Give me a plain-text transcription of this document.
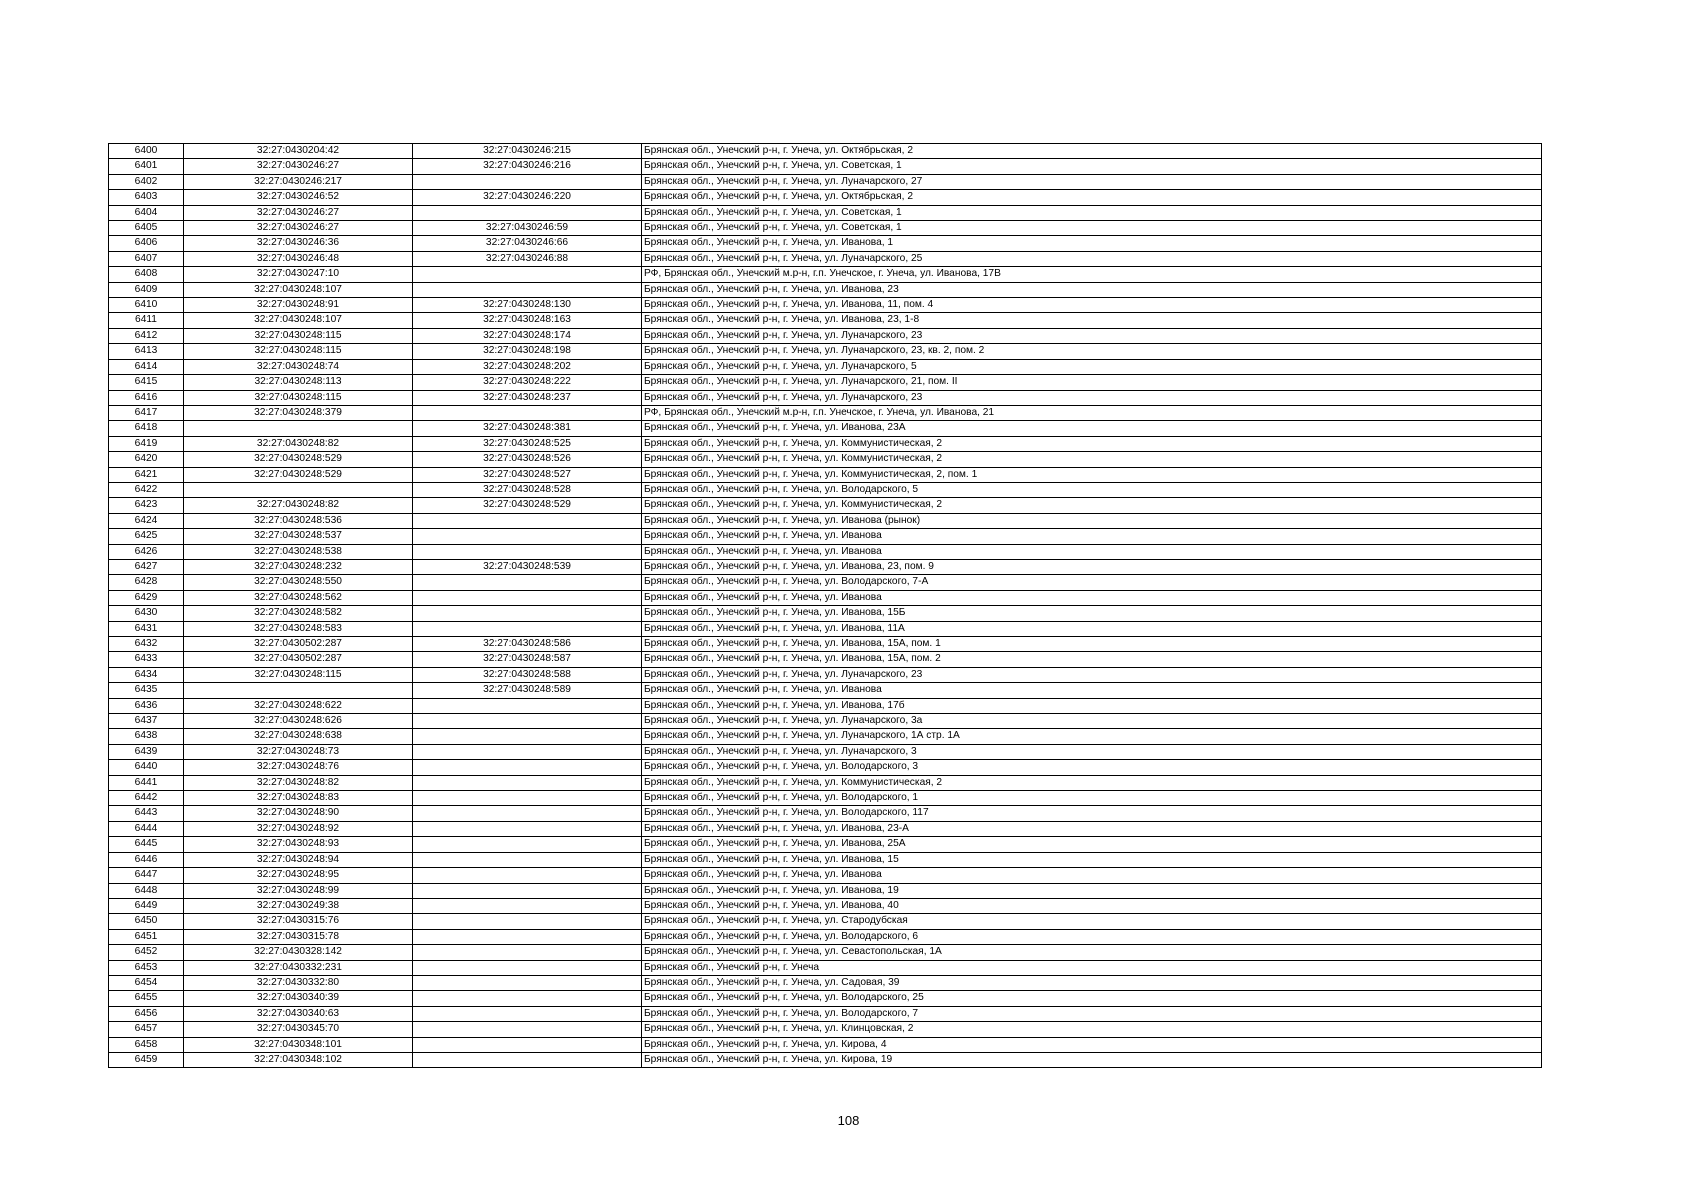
6400	32:27:0430204:42	32:27:0430246:215	Брянская обл., Унечский р-н, г. Унеча, ул. Октябрьская, 2
6401	32:27:0430246:27	32:27:0430246:216	Брянская обл., Унечский р-н, г. Унеча, ул. Советская, 1
6402	32:27:0430246:217		Брянская обл., Унечский р-н, г. Унеча, ул. Луначарского, 27
6403	32:27:0430246:52	32:27:0430246:220	Брянская обл., Унечский р-н, г. Унеча, ул. Октябрьская, 2
6404	32:27:0430246:27		Брянская обл., Унечский р-н, г. Унеча, ул. Советская, 1
6405	32:27:0430246:27	32:27:0430246:59	Брянская обл., Унечский р-н, г. Унеча, ул. Советская, 1
6406	32:27:0430246:36	32:27:0430246:66	Брянская обл., Унечский р-н, г. Унеча, ул. Иванова, 1
6407	32:27:0430246:48	32:27:0430246:88	Брянская обл., Унечский р-н, г. Унеча, ул. Луначарского, 25
6408	32:27:0430247:10		РФ, Брянская обл., Унечский м.р-н, г.п. Унечское, г. Унеча, ул. Иванова, 17В
6409	32:27:0430248:107		Брянская обл., Унечский р-н, г. Унеча, ул. Иванова, 23
6410	32:27:0430248:91	32:27:0430248:130	Брянская обл., Унечский р-н, г. Унеча, ул. Иванова, 11, пом. 4
6411	32:27:0430248:107	32:27:0430248:163	Брянская обл., Унечский р-н, г. Унеча, ул. Иванова, 23, 1-8
6412	32:27:0430248:115	32:27:0430248:174	Брянская обл., Унечский р-н, г. Унеча, ул. Луначарского, 23
6413	32:27:0430248:115	32:27:0430248:198	Брянская обл., Унечский р-н, г. Унеча, ул. Луначарского, 23, кв. 2, пом. 2
6414	32:27:0430248:74	32:27:0430248:202	Брянская обл., Унечский р-н, г. Унеча, ул. Луначарского, 5
6415	32:27:0430248:113	32:27:0430248:222	Брянская обл., Унечский р-н, г. Унеча, ул. Луначарского, 21, пом. II
6416	32:27:0430248:115	32:27:0430248:237	Брянская обл., Унечский р-н, г. Унеча, ул. Луначарского, 23
6417	32:27:0430248:379		РФ, Брянская обл., Унечский м.р-н, г.п. Унечское, г. Унеча, ул. Иванова, 21
6418		32:27:0430248:381	Брянская обл., Унечский р-н, г. Унеча, ул. Иванова, 23А
6419	32:27:0430248:82	32:27:0430248:525	Брянская обл., Унечский р-н, г. Унеча, ул. Коммунистическая, 2
6420	32:27:0430248:529	32:27:0430248:526	Брянская обл., Унечский р-н, г. Унеча, ул. Коммунистическая, 2
6421	32:27:0430248:529	32:27:0430248:527	Брянская обл., Унечский р-н, г. Унеча, ул. Коммунистическая, 2, пом. 1
6422		32:27:0430248:528	Брянская обл., Унечский р-н, г. Унеча, ул. Володарского, 5
6423	32:27:0430248:82	32:27:0430248:529	Брянская обл., Унечский р-н, г. Унеча, ул. Коммунистическая, 2
6424	32:27:0430248:536		Брянская обл., Унечский р-н, г. Унеча, ул. Иванова (рынок)
6425	32:27:0430248:537		Брянская обл., Унечский р-н, г. Унеча, ул. Иванова
6426	32:27:0430248:538		Брянская обл., Унечский р-н, г. Унеча, ул. Иванова
6427	32:27:0430248:232	32:27:0430248:539	Брянская обл., Унечский р-н, г. Унеча, ул. Иванова, 23, пом. 9
6428	32:27:0430248:550		Брянская обл., Унечский р-н, г. Унеча, ул. Володарского, 7-А
6429	32:27:0430248:562		Брянская обл., Унечский р-н, г. Унеча, ул. Иванова
6430	32:27:0430248:582		Брянская обл., Унечский р-н, г. Унеча, ул. Иванова, 15Б
6431	32:27:0430248:583		Брянская обл., Унечский р-н, г. Унеча, ул. Иванова, 11А
6432	32:27:0430502:287	32:27:0430248:586	Брянская обл., Унечский р-н, г. Унеча, ул. Иванова, 15А, пом. 1
6433	32:27:0430502:287	32:27:0430248:587	Брянская обл., Унечский р-н, г. Унеча, ул. Иванова, 15А, пом. 2
6434	32:27:0430248:115	32:27:0430248:588	Брянская обл., Унечский р-н, г. Унеча, ул. Луначарского, 23
6435		32:27:0430248:589	Брянская обл., Унечский р-н, г. Унеча, ул. Иванова
6436	32:27:0430248:622		Брянская обл., Унечский р-н, г. Унеча, ул. Иванова, 17б
6437	32:27:0430248:626		Брянская обл., Унечский р-н, г. Унеча, ул. Луначарского, 3а
6438	32:27:0430248:638		Брянская обл., Унечский р-н, г. Унеча, ул. Луначарского, 1А стр. 1А
6439	32:27:0430248:73		Брянская обл., Унечский р-н, г. Унеча, ул. Луначарского, 3
6440	32:27:0430248:76		Брянская обл., Унечский р-н, г. Унеча, ул. Володарского, 3
6441	32:27:0430248:82		Брянская обл., Унечский р-н, г. Унеча, ул. Коммунистическая, 2
6442	32:27:0430248:83		Брянская обл., Унечский р-н, г. Унеча, ул. Володарского, 1
6443	32:27:0430248:90		Брянская обл., Унечский р-н, г. Унеча, ул. Володарского, 117
6444	32:27:0430248:92		Брянская обл., Унечский р-н, г. Унеча, ул. Иванова, 23-А
6445	32:27:0430248:93		Брянская обл., Унечский р-н, г. Унеча, ул. Иванова, 25А
6446	32:27:0430248:94		Брянская обл., Унечский р-н, г. Унеча, ул. Иванова, 15
6447	32:27:0430248:95		Брянская обл., Унечский р-н, г. Унеча, ул. Иванова
6448	32:27:0430248:99		Брянская обл., Унечский р-н, г. Унеча, ул. Иванова, 19
6449	32:27:0430249:38		Брянская обл., Унечский р-н, г. Унеча, ул. Иванова, 40
6450	32:27:0430315:76		Брянская обл., Унечский р-н, г. Унеча, ул. Стародубская
6451	32:27:0430315:78		Брянская обл., Унечский р-н, г. Унеча, ул. Володарского, 6
6452	32:27:0430328:142		Брянская обл., Унечский р-н, г. Унеча, ул. Севастопольская, 1А
6453	32:27:0430332:231		Брянская обл., Унечский р-н, г. Унеча
6454	32:27:0430332:80		Брянская обл., Унечский р-н, г. Унеча, ул. Садовая, 39
6455	32:27:0430340:39		Брянская обл., Унечский р-н, г. Унеча, ул. Володарского, 25
6456	32:27:0430340:63		Брянская обл., Унечский р-н, г. Унеча, ул. Володарского, 7
6457	32:27:0430345:70		Брянская обл., Унечский р-н, г. Унеча, ул. Клинцовская, 2
6458	32:27:0430348:101		Брянская обл., Унечский р-н, г. Унеча, ул. Кирова, 4
6459	32:27:0430348:102		Брянская обл., Унечский р-н, г. Унеча, ул. Кирова, 19
108
